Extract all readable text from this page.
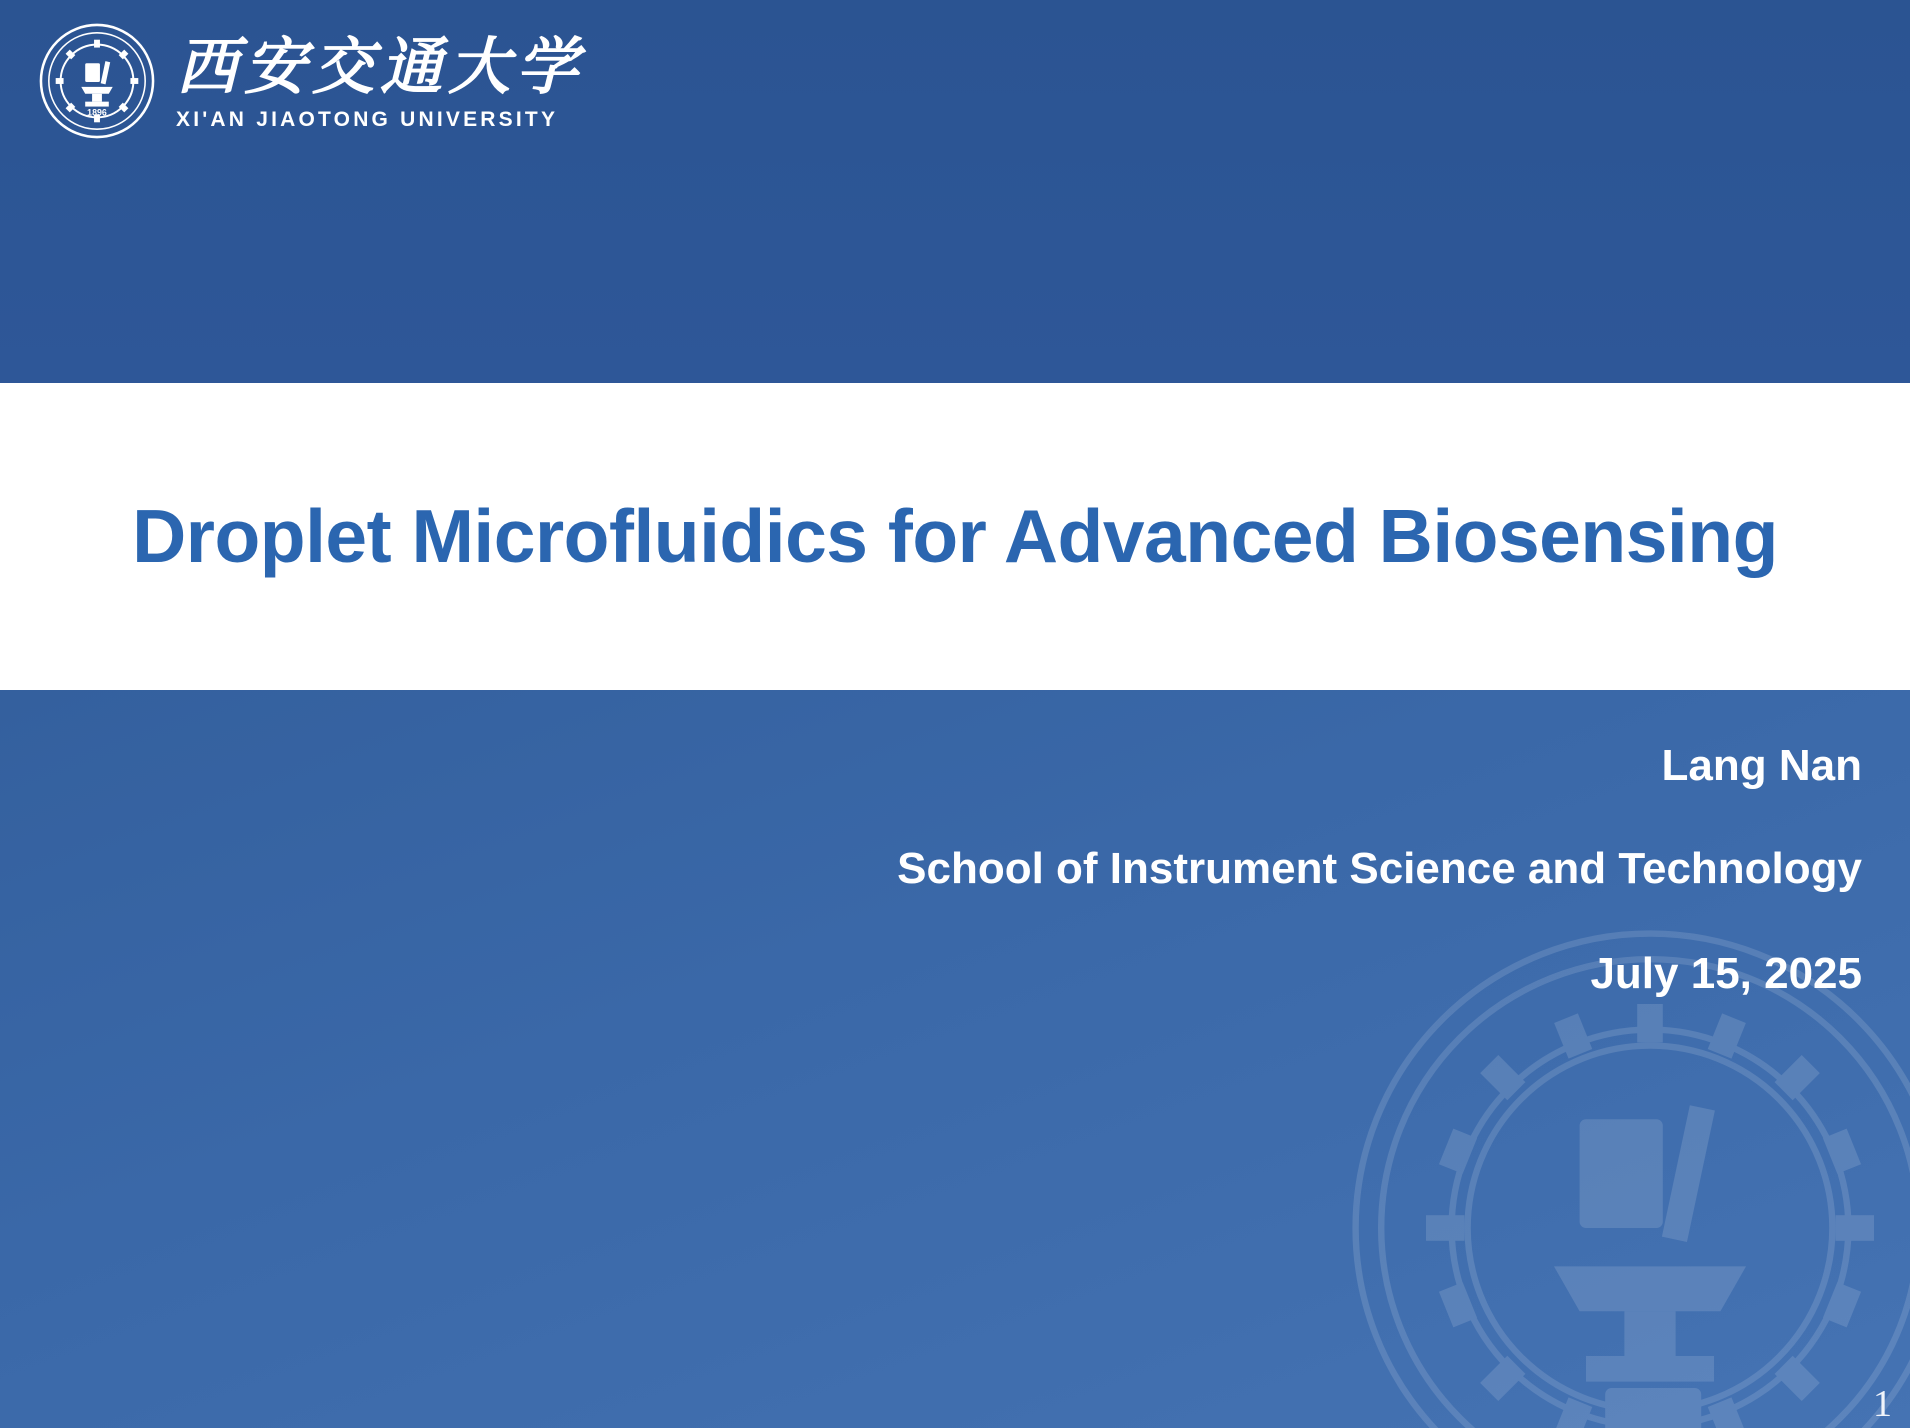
1896
西安交通大学
XI'AN JIAOTONG UNIVERSITY
Droplet Microfluidics for Advanced Biosensing
Lang Nan
School of Instrument Science and Technology
July 15, 2025
1
